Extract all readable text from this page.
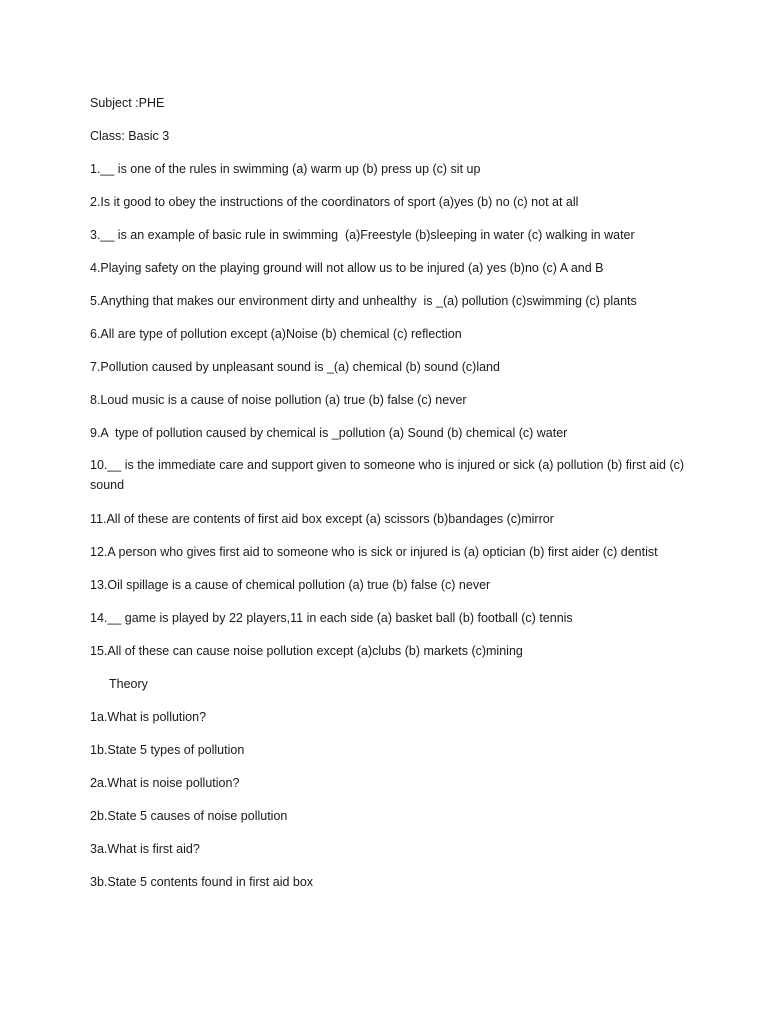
Subject :PHE
Class: Basic 3
1.__ is one of the rules in swimming (a) warm up (b) press up (c) sit up
2.Is it good to obey the instructions of the coordinators of sport (a)yes (b) no (c) not at all
3.__ is an example of basic rule in swimming  (a)Freestyle (b)sleeping in water (c) walking in water
4.Playing safety on the playing ground will not allow us to be injured (a) yes (b)no (c) A and B
5.Anything that makes our environment dirty and unhealthy  is _(a) pollution (c)swimming (c) plants
6.All are type of pollution except (a)Noise (b) chemical (c) reflection
7.Pollution caused by unpleasant sound is _(a) chemical (b) sound (c)land
8.Loud music is a cause of noise pollution (a) true (b) false (c) never
9.A  type of pollution caused by chemical is _pollution (a) Sound (b) chemical (c) water
10.__ is the immediate care and support given to someone who is injured or sick (a) pollution (b) first aid (c) sound
11.All of these are contents of first aid box except (a) scissors (b)bandages (c)mirror
12.A person who gives first aid to someone who is sick or injured is (a) optician (b) first aider (c) dentist
13.Oil spillage is a cause of chemical pollution (a) true (b) false (c) never
14.__ game is played by 22 players,11 in each side (a) basket ball (b) football (c) tennis
15.All of these can cause noise pollution except (a)clubs (b) markets (c)mining
Theory
1a.What is pollution?
1b.State 5 types of pollution
2a.What is noise pollution?
2b.State 5 causes of noise pollution
3a.What is first aid?
3b.State 5 contents found in first aid box
